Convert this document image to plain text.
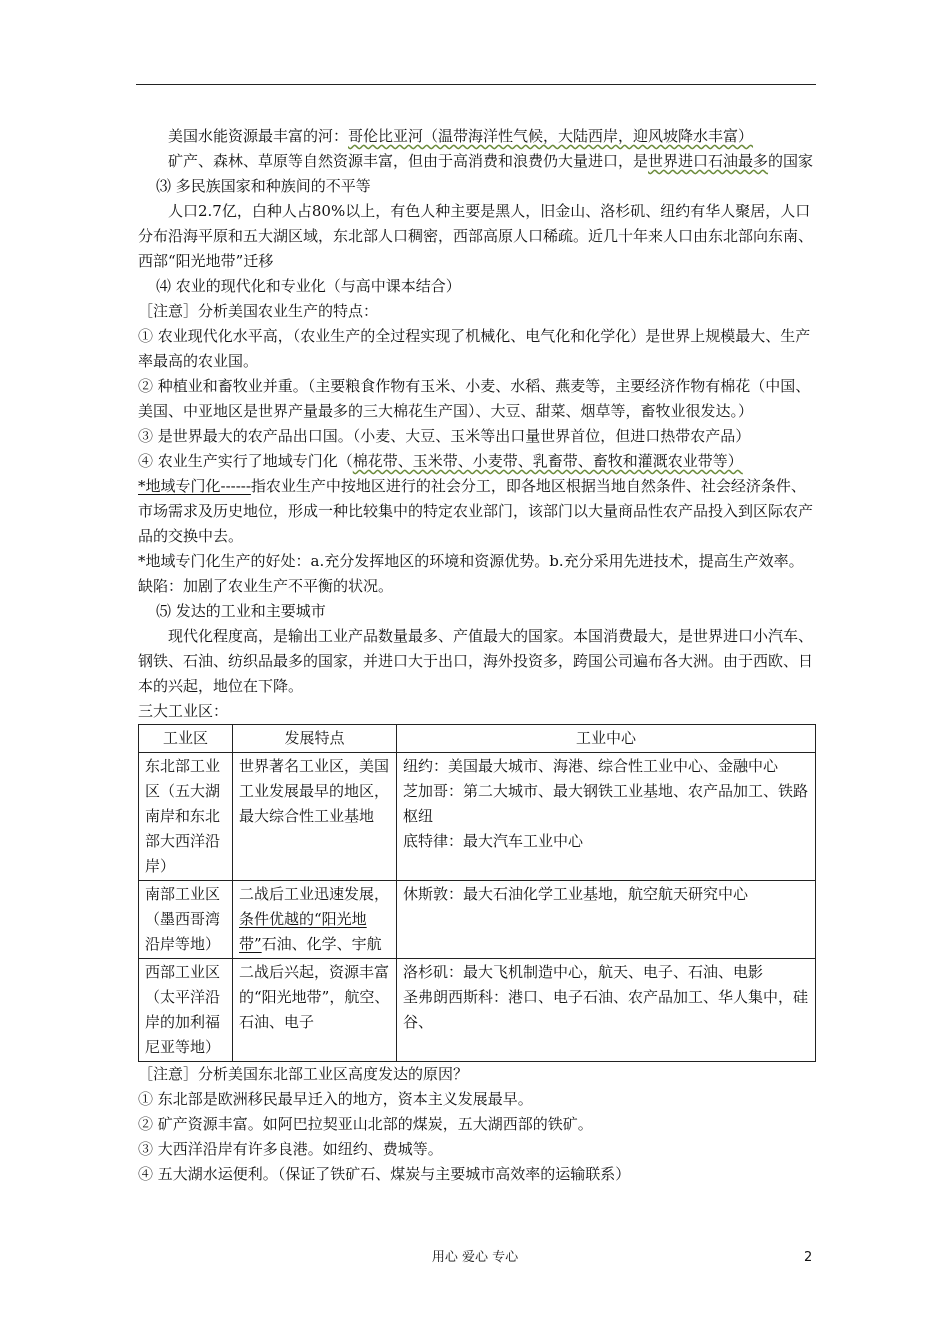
美国水能资源最丰富的河：哥伦比亚河（温带海洋性气候，大陆西岸，迎风坡降水丰富）

矿产、森林、草原等自然资源丰富，但由于高消费和浪费仍大量进口，是世界进口石油最多的国家

⑶ 多民族国家和种族间的不平等

人口2.7亿，白种人占80%以上，有色人种主要是黑人，旧金山、洛杉矶、纽约有华人聚居，人口分布沿海平原和五大湖区域，东北部人口稠密，西部高原人口稀疏。近几十年来人口由东北部向东南、西部“阳光地带”迁移

⑷ 农业的现代化和专业化（与高中课本结合）

［注意］分析美国农业生产的特点：

① 农业现代化水平高，（农业生产的全过程实现了机械化、电气化和化学化）是世界上规模最大、生产率最高的农业国。

② 种植业和畜牧业并重。（主要粮食作物有玉米、小麦、水稻、燕麦等，主要经济作物有棉花（中国、美国、中亚地区是世界产量最多的三大棉花生产国）、大豆、甜菜、烟草等，畜牧业很发达。）

③ 是世界最大的农产品出口国。（小麦、大豆、玉米等出口量世界首位，但进口热带农产品）

④ 农业生产实行了地域专门化（棉花带、玉米带、小麦带、乳畜带、畜牧和灌溉农业带等）

*地域专门化------指农业生产中按地区进行的社会分工，即各地区根据当地自然条件、社会经济条件、市场需求及历史地位，形成一种比较集中的特定农业部门，该部门以大量商品性农产品投入到区际农产品的交换中去。

*地域专门化生产的好处：a.充分发挥地区的环境和资源优势。b.充分采用先进技术，提高生产效率。缺陷：加剧了农业生产不平衡的状况。

⑸ 发达的工业和主要城市

现代化程度高，是输出工业产品数量最多、产值最大的国家。本国消费最大，是世界进口小汽车、钢铁、石油、纺织品最多的国家，并进口大于出口，海外投资多，跨国公司遍布各大洲。由于西欧、日本的兴起，地位在下降。

三大工业区：

工业区	发展特点	工业中心
东北部工业区（五大湖南岸和东北部大西洋沿岸）	世界著名工业区，美国工业发展最早的地区，最大综合性工业基地	纽约：美国最大城市、海港、综合性工业中心、金融中心
芝加哥：第二大城市、最大钢铁工业基地、农产品加工、铁路枢纽
底特律：最大汽车工业中心

南部工业区（墨西哥湾沿岸等地）	二战后工业迅速发展，条件优越的“阳光地带”石油、化学、宇航	休斯敦：最大石油化学工业基地，航空航天研究中心

西部工业区（太平洋沿岸的加利福尼亚等地）	二战后兴起，资源丰富的“阳光地带”，航空、石油、电子	洛杉矶：最大飞机制造中心，航天、电子、石油、电影
圣弗朗西斯科：港口、电子石油、农产品加工、华人集中，硅谷、

［注意］分析美国东北部工业区高度发达的原因？

① 东北部是欧洲移民最早迁入的地方，资本主义发展最早。

② 矿产资源丰富。如阿巴拉契亚山北部的煤炭，五大湖西部的铁矿。

③ 大西洋沿岸有许多良港。如纽约、费城等。

④ 五大湖水运便利。（保证了铁矿石、煤炭与主要城市高效率的运输联系）

用心 爱心 专心	2
